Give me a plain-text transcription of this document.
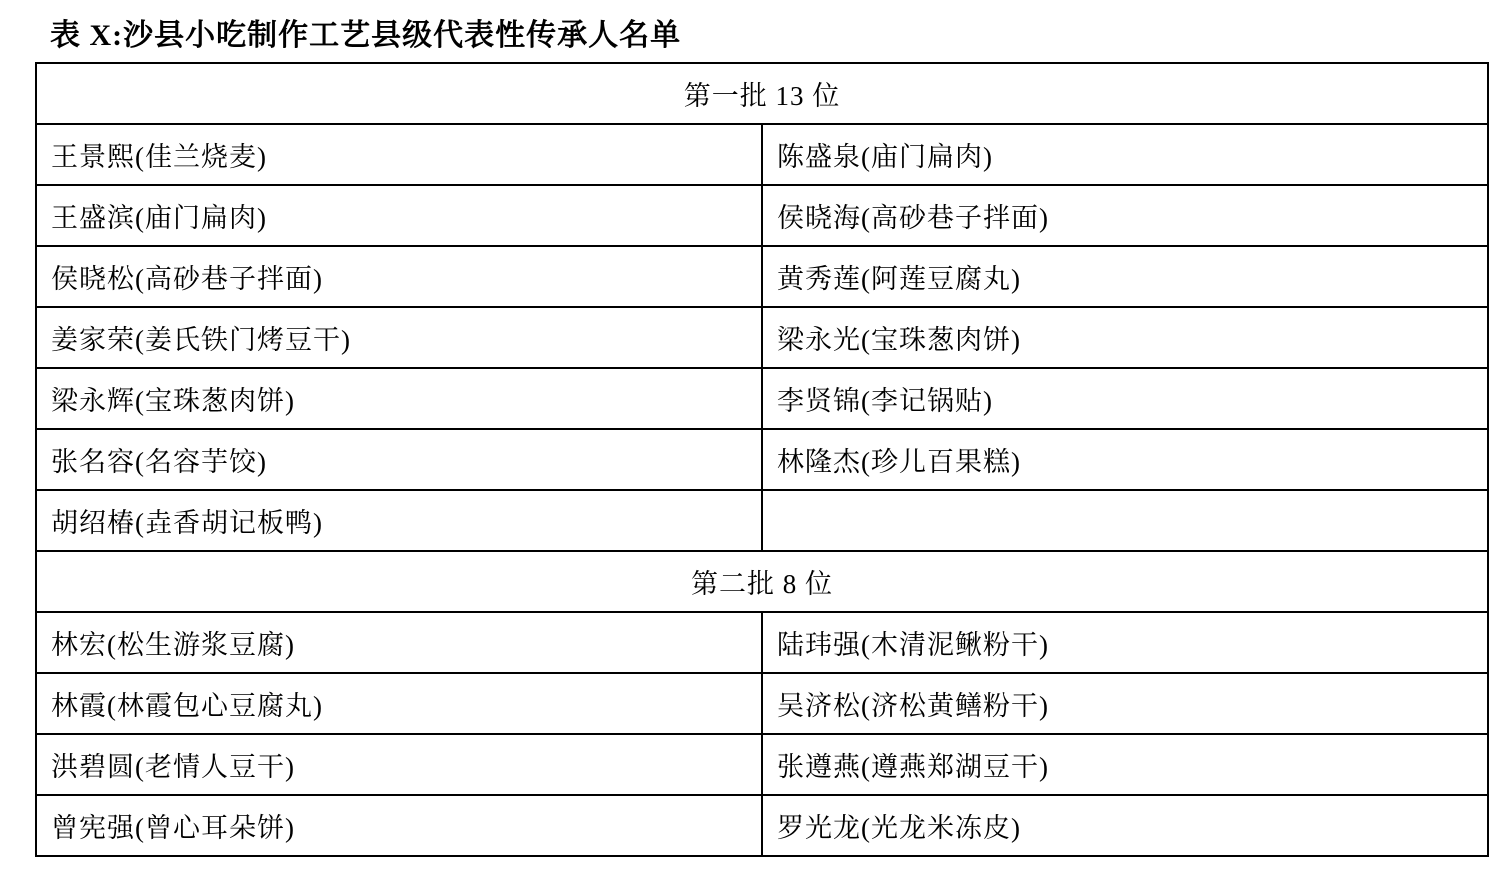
表 X:沙县小吃制作工艺县级代表性传承人名单
第一批 13 位	
王景熙(佳兰烧麦)	陈盛泉(庙门扁肉)
王盛滨(庙门扁肉)	侯晓海(高砂巷子拌面)
侯晓松(高砂巷子拌面)	黄秀莲(阿莲豆腐丸)
姜家荣(姜氏铁门烤豆干)	梁永光(宝珠葱肉饼)
梁永辉(宝珠葱肉饼)	李贤锦(李记锅贴)
张名容(名容芋饺)	林隆杰(珍儿百果糕)
胡绍椿(垚香胡记板鸭)	
第二批 8 位	
林宏(松生游浆豆腐)	陆玮强(木清泥鳅粉干)
林霞(林霞包心豆腐丸)	吴济松(济松黄鳝粉干)
洪碧圆(老情人豆干)	张遵燕(遵燕郑湖豆干)
曾宪强(曾心耳朵饼)	罗光龙(光龙米冻皮)
